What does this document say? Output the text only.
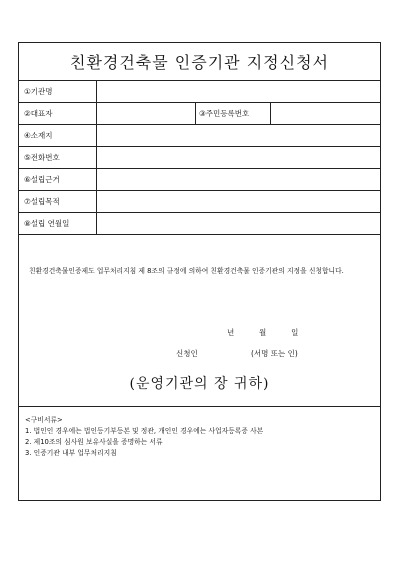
친환경건축물 인증기관 지정신청서
①기관명
②대표자	③주민등록번호
④소재지
⑤전화번호
⑥설립근거
⑦설립목적
⑧설립 연월일
친환경건축물인증제도 업무처리지침 제 8조의 규정에 의하여 친환경건축물 인증기관의 지정을 신청합니다.
년	월	일
신청인	(서명 또는 인)
(운영기관의 장 귀하)
<구비서류>
1. 법인인 경우에는 법인등기부등본 및 정관, 개인인 경우에는 사업자등록증 사본
2. 제10조의 심사원 보유사실을 증명하는 서류
3. 인증기관 내부 업무처리지침
